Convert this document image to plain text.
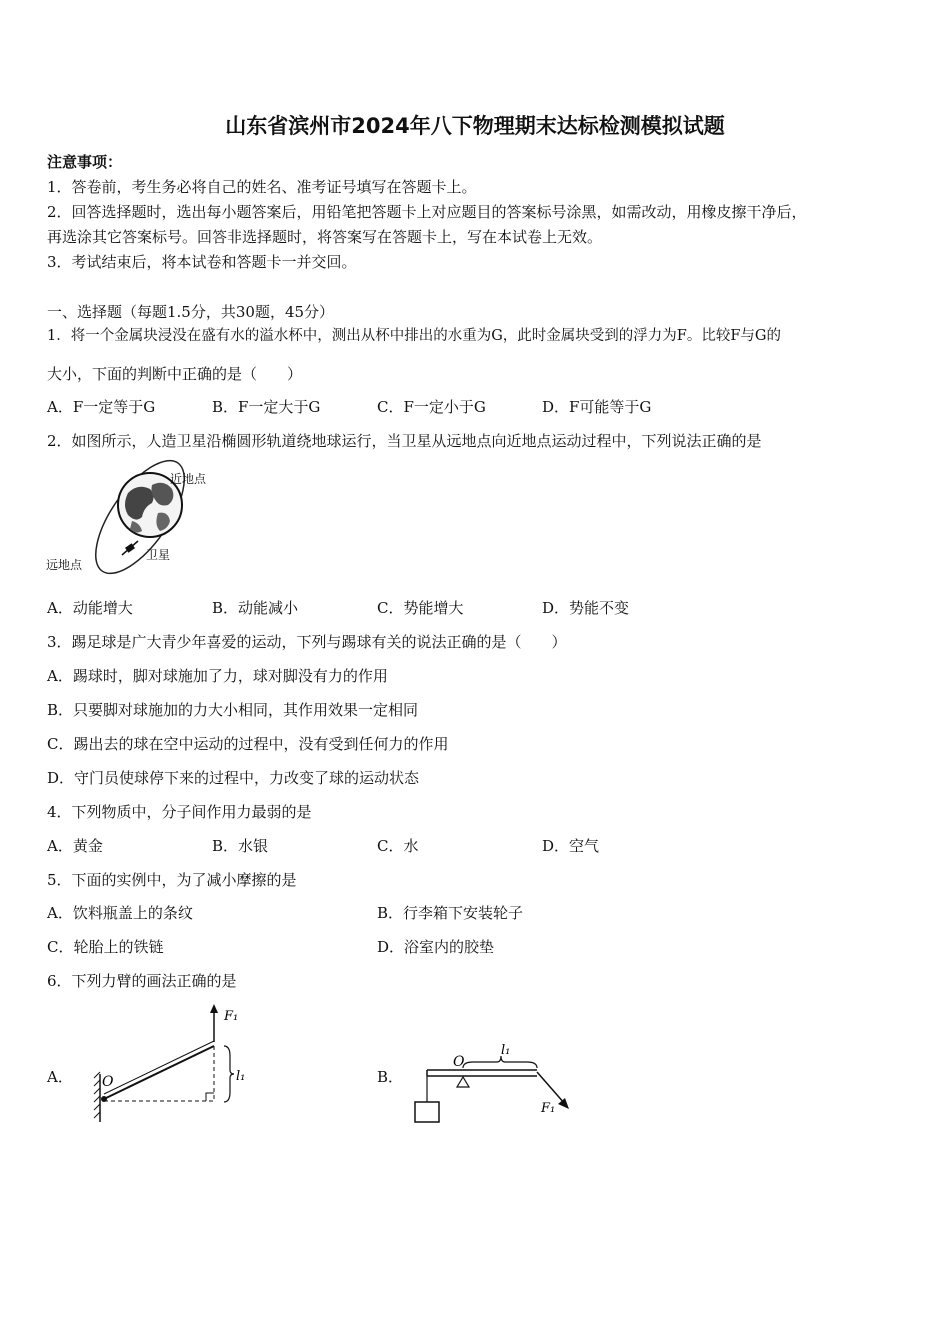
山东省滨州市2024年八下物理期末达标检测模拟试题
注意事项：
1．答卷前，考生务必将自己的姓名、准考证号填写在答题卡上。
2．回答选择题时，选出每小题答案后，用铅笔把答题卡上对应题目的答案标号涂黑，如需改动，用橡皮擦干净后，
再选涂其它答案标号。回答非选择题时，将答案写在答题卡上，写在本试卷上无效。
3．考试结束后，将本试卷和答题卡一并交回。
一、选择题（每题1.5分，共30题，45分）
1．将一个金属块浸没在盛有水的溢水杯中，测出从杯中排出的水重为G，此时金属块受到的浮力为F。比较F与G的
大小，下面的判断中正确的是（　　）
A．F一定等于G	B．F一定大于G	C．F一定小于G	D．F可能等于G
2．如图所示，人造卫星沿椭圆形轨道绕地球运行，当卫星从远地点向近地点运动过程中，下列说法正确的是
近地点
远地点
卫星
A．动能增大	B．动能减小	C．势能增大	D．势能不变
3．踢足球是广大青少年喜爱的运动，下列与踢球有关的说法正确的是（　　）
A．踢球时，脚对球施加了力，球对脚没有力的作用
B．只要脚对球施加的力大小相同，其作用效果一定相同
C．踢出去的球在空中运动的过程中，没有受到任何力的作用
D．守门员使球停下来的过程中，力改变了球的运动状态
4．下列物质中，分子间作用力最弱的是
A．黄金	B．水银	C．水	D．空气
5．下面的实例中，为了减小摩擦的是
A．饮料瓶盖上的条纹	B．行李箱下安装轮子
C．轮胎上的铁链	D．浴室内的胶垫
6．下列力臂的画法正确的是
A． O
F₁
l₁	B．
O
l₁
F₁
